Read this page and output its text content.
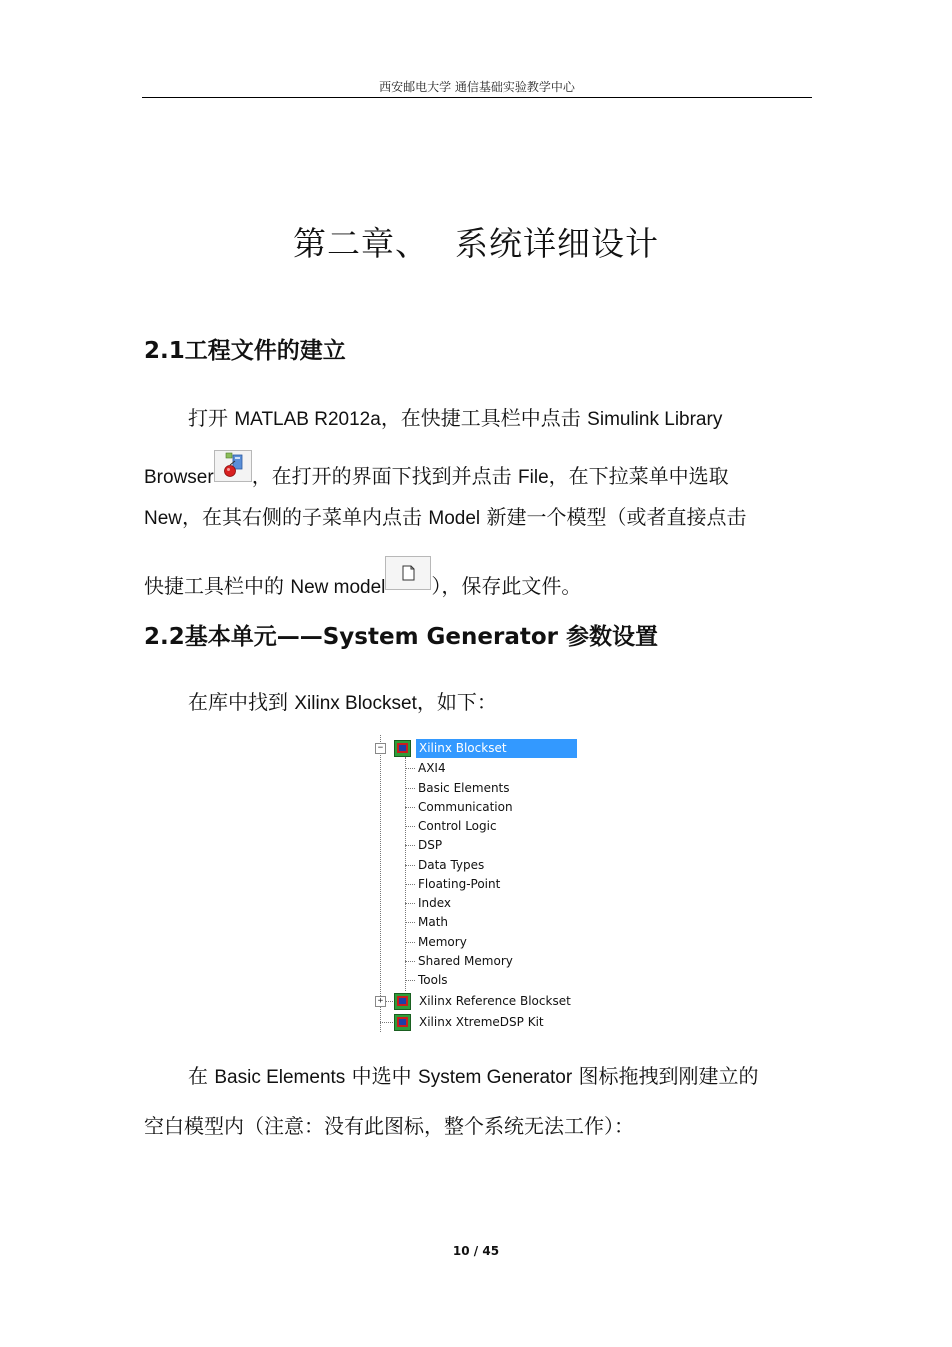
西安邮电大学 通信基础实验教学中心
第二章、 系统详细设计
2.1工程文件的建立
打开 MATLAB R2012a，在快捷工具栏中点击 Simulink Library
Browser ，在打开的界面下找到并点击 File，在下拉菜单中选取
New，在其右侧的子菜单内点击 Model 新建一个模型（或者直接点击
快捷工具栏中的 New model ），保存此文件。
2.2基本单元——System Generator 参数设置
在库中找到 Xilinx Blockset，如下：
−	Xilinx Blockset
AXI4
Basic Elements
Communication
Control Logic
DSP
Data Types
Floating-Point
Index
Math
Memory
Shared Memory
Tools
+	Xilinx Reference Blockset
Xilinx XtremeDSP Kit
在 Basic Elements 中选中 System Generator 图标拖拽到刚建立的
空白模型内（注意：没有此图标，整个系统无法工作）：
10 / 45
